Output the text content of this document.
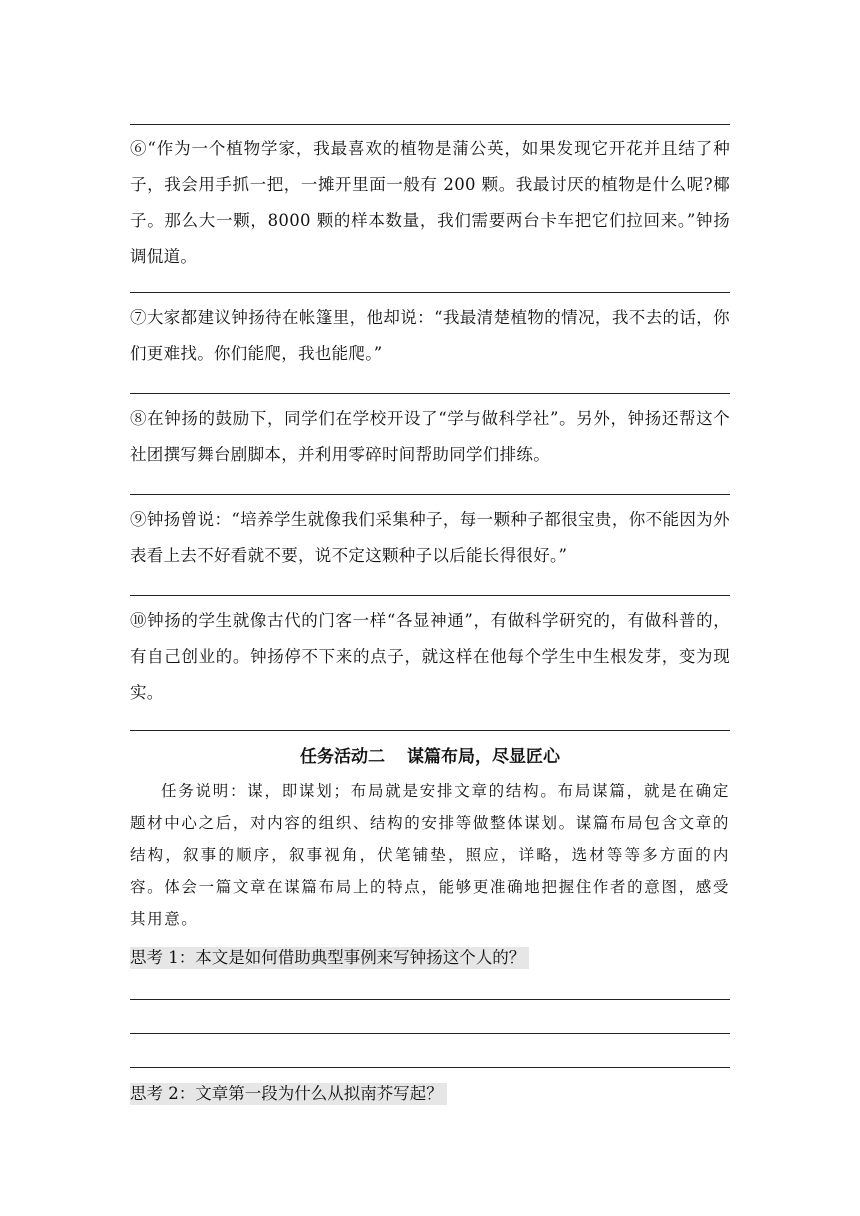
⑥“作为一个植物学家，我最喜欢的植物是蒲公英，如果发现它开花并且结了种子，我会用手抓一把，一摊开里面一般有 200 颗。我最讨厌的植物是什么呢?椰子。那么大一颗，8000 颗的样本数量，我们需要两台卡车把它们拉回来。”钟扬调侃道。

⑦大家都建议钟扬待在帐篷里，他却说：“我最清楚植物的情况，我不去的话，你们更难找。你们能爬，我也能爬。”

⑧在钟扬的鼓励下，同学们在学校开设了“学与做科学社”。另外，钟扬还帮这个社团撰写舞台剧脚本，并利用零碎时间帮助同学们排练。

⑨钟扬曾说：“培养学生就像我们采集种子，每一颗种子都很宝贵，你不能因为外表看上去不好看就不要，说不定这颗种子以后能长得很好。”

⑩钟扬的学生就像古代的门客一样“各显神通”，有做科学研究的，有做科普的，有自己创业的。钟扬停不下来的点子，就这样在他每个学生中生根发芽，变为现实。

任务活动二 谋篇布局，尽显匠心

任务说明：谋，即谋划；布局就是安排文章的结构。布局谋篇，就是在确定题材中心之后，对内容的组织、结构的安排等做整体谋划。谋篇布局包含文章的结构，叙事的顺序，叙事视角，伏笔铺垫，照应，详略，选材等等多方面的内容。体会一篇文章在谋篇布局上的特点，能够更准确地把握住作者的意图，感受其用意。

思考 1：本文是如何借助典型事例来写钟扬这个人的？

思考 2：文章第一段为什么从拟南芥写起？
